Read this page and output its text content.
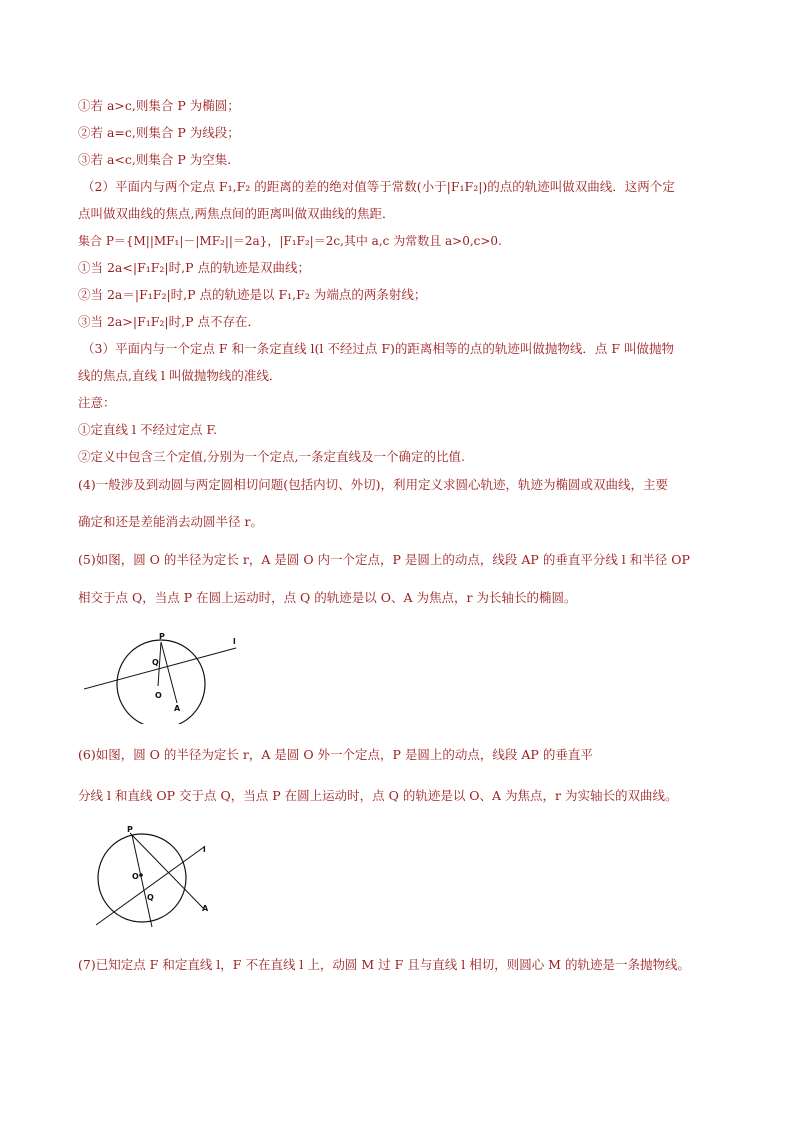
①若 a>c,则集合 P 为椭圆；
②若 a=c,则集合 P 为线段；
③若 a<c,则集合 P 为空集.
（2）平面内与两个定点 F₁,F₂ 的距离的差的绝对值等于常数(小于|F₁F₂|)的点的轨迹叫做双曲线．这两个定
点叫做双曲线的焦点,两焦点间的距离叫做双曲线的焦距．
集合 P＝{M||MF₁|－|MF₂||＝2a}，|F₁F₂|＝2c,其中 a,c 为常数且 a>0,c>0.
①当 2a<|F₁F₂|时,P 点的轨迹是双曲线；
②当 2a＝|F₁F₂|时,P 点的轨迹是以 F₁,F₂ 为端点的两条射线；
③当 2a>|F₁F₂|时,P 点不存在．
（3）平面内与一个定点 F 和一条定直线 l(l 不经过点 F)的距离相等的点的轨迹叫做抛物线．点 F 叫做抛物
线的焦点,直线 l 叫做抛物线的准线．
注意：
①定直线 l 不经过定点 F.
②定义中包含三个定值,分别为一个定点,一条定直线及一个确定的比值.
(4)一般涉及到动圆与两定圆相切问题(包括内切、外切)，利用定义求圆心轨迹，轨迹为椭圆或双曲线，主要
确定和还是差能消去动圆半径 r。
(5)如图，圆 O 的半径为定长 r，A 是圆 O 内一个定点，P 是圆上的动点，线段 AP 的垂直平分线 l 和半径 OP
相交于点 Q，当点 P 在圆上运动时，点 Q 的轨迹是以 O、A 为焦点，r 为长轴长的椭圆。
P
Q
O
A
l
(6)如图，圆 O 的半径为定长 r，A 是圆 O 外一个定点，P 是圆上的动点，线段 AP 的垂直平
分线 l 和直线 OP 交于点 Q，当点 P 在圆上运动时，点 Q 的轨迹是以 O、A 为焦点，r 为实轴长的双曲线。
P
O
Q
A
l
(7)已知定点 F 和定直线 l，F 不在直线 l 上，动圆 M 过 F 且与直线 l 相切，则圆心 M 的轨迹是一条抛物线。
